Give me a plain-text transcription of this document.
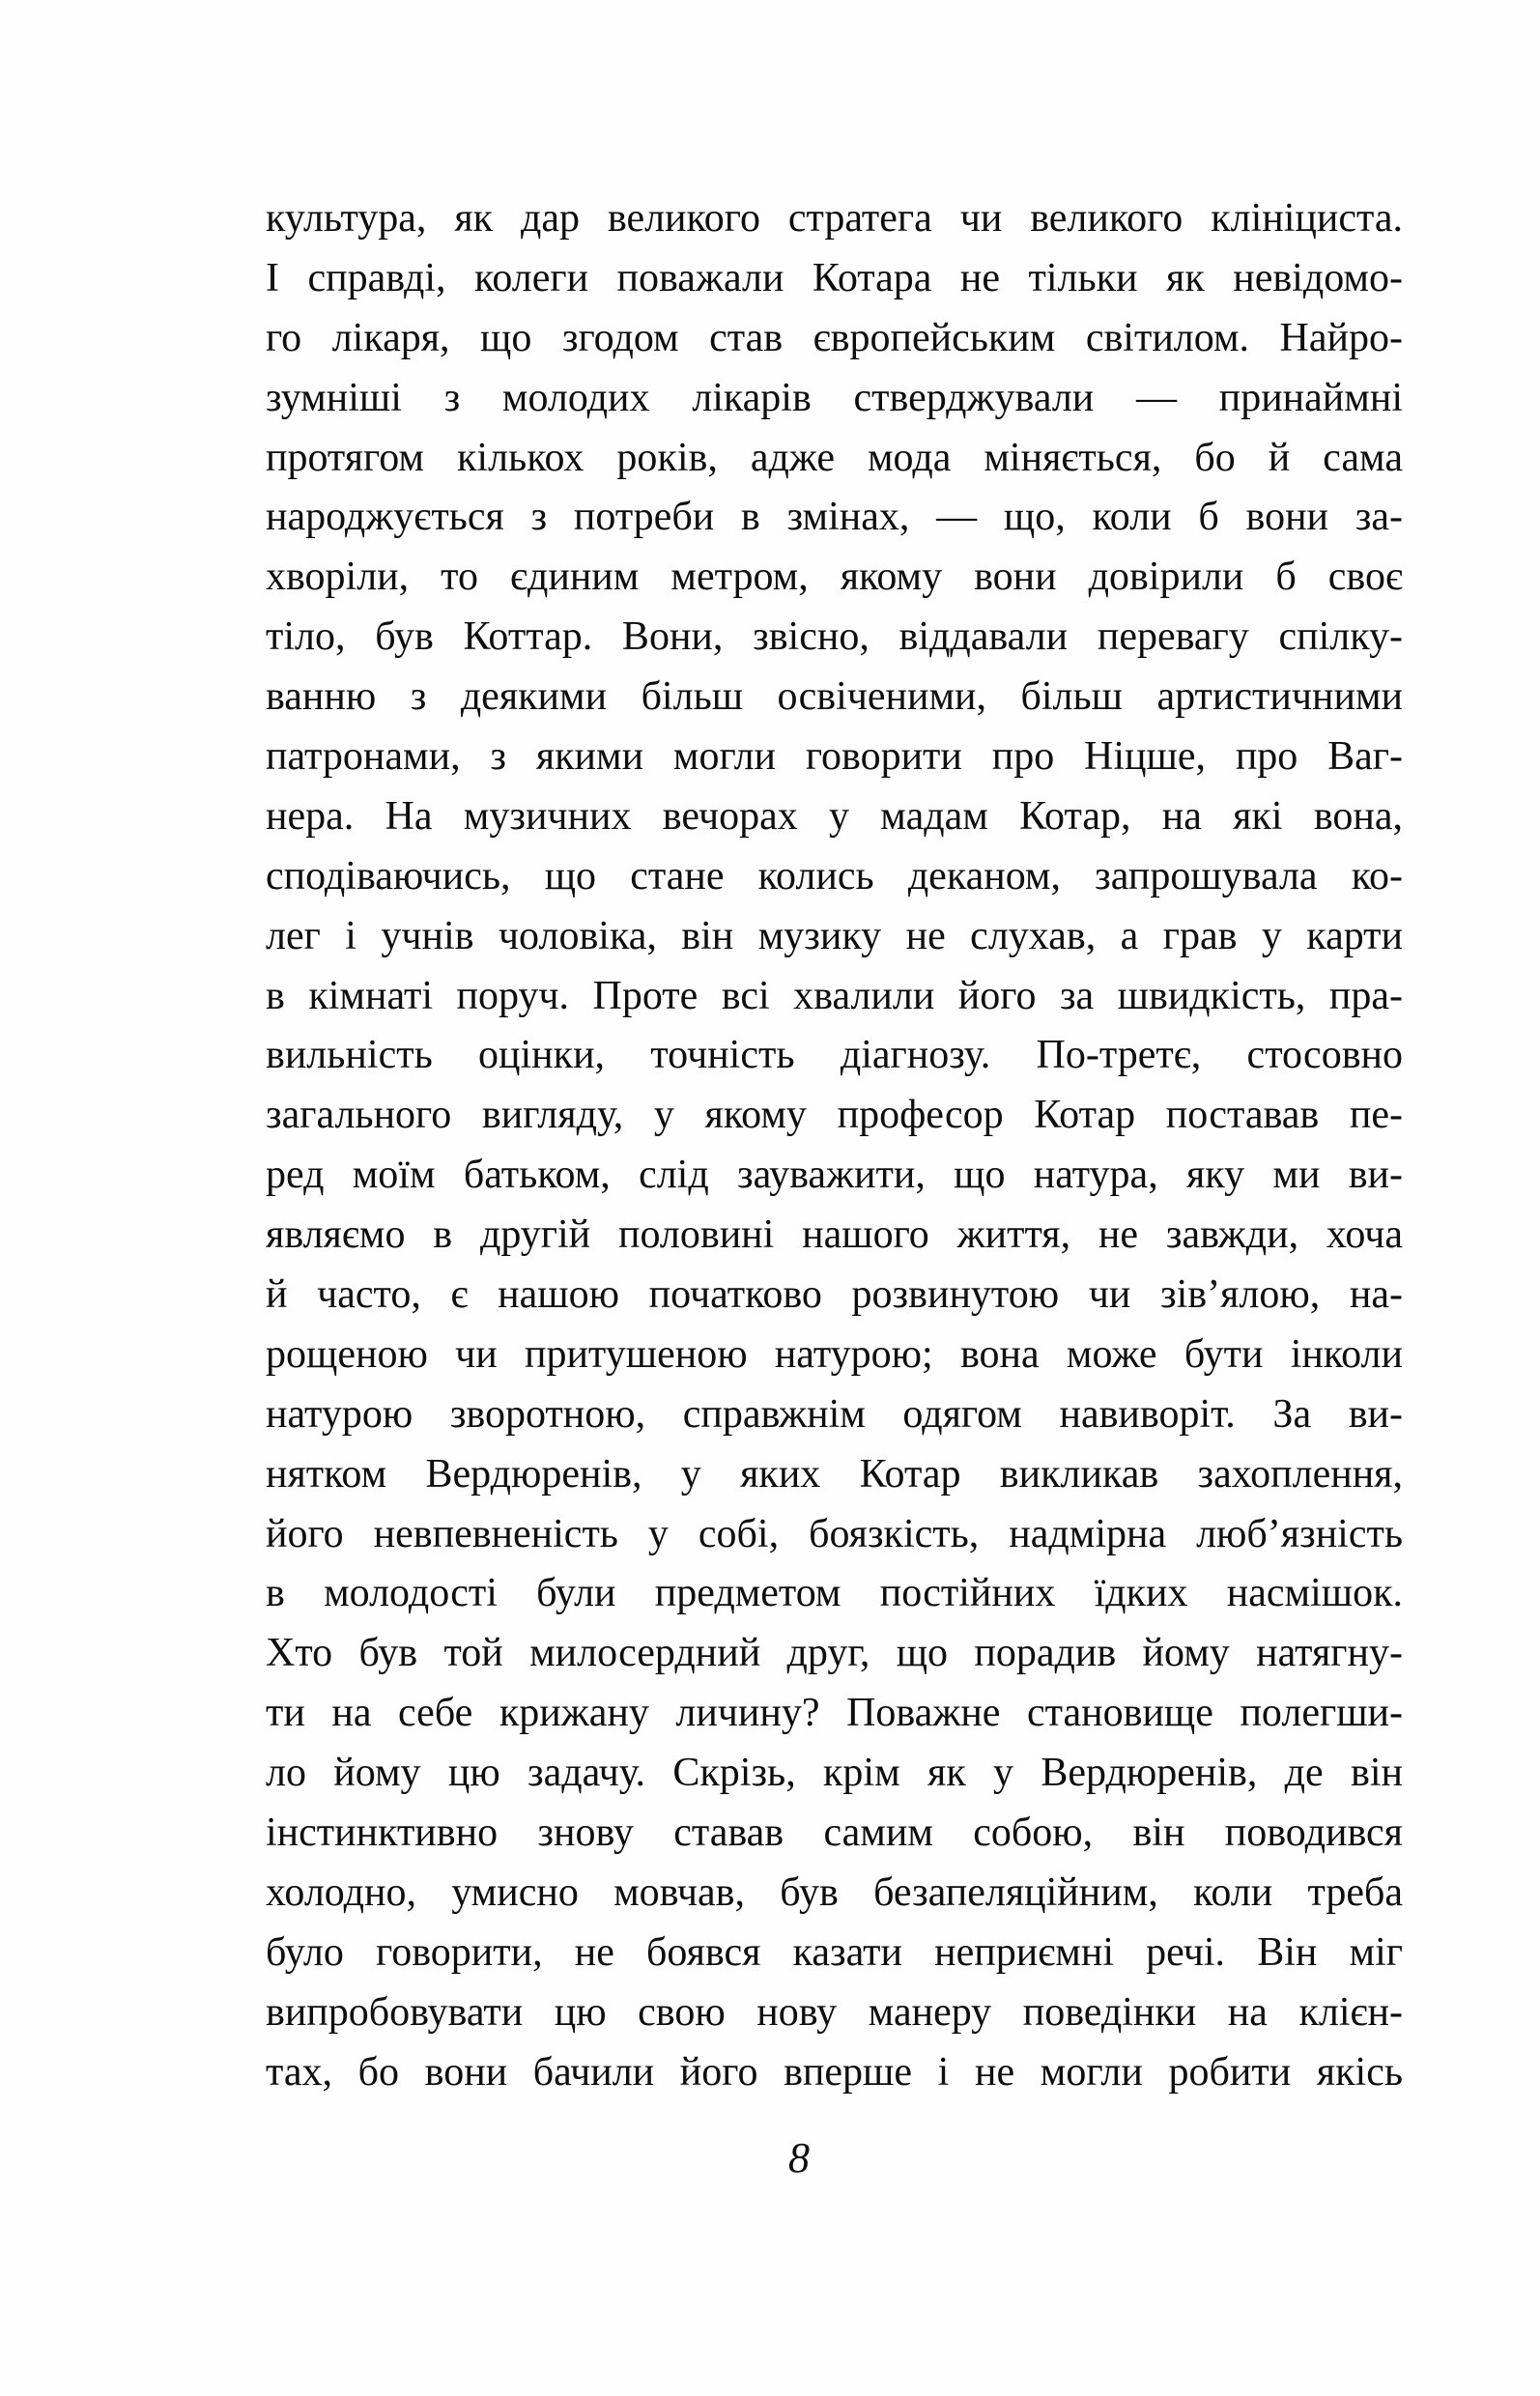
культура, як дар великого стратега чи великого клініциста.
І справді, колеги поважали Котара не тільки як невідомо-
го лікаря, що згодом став європейським світилом. Найро-
зумніші з молодих лікарів стверджували — принаймні
протягом кількох років, адже мода міняється, бо й сама
народжується з потреби в змінах, — що, коли б вони за-
хворіли, то єдиним метром, якому вони довірили б своє
тіло, був Коттар. Вони, звісно, віддавали перевагу спілку-
ванню з деякими більш освіченими, більш артистичними
патронами, з якими могли говорити про Ніцше, про Ваг-
нера. На музичних вечорах у мадам Котар, на які вона,
сподіваючись, що стане колись деканом, запрошувала ко-
лег і учнів чоловіка, він музику не слухав, а грав у карти
в кімнаті поруч. Проте всі хвалили його за швидкість, пра-
вильність оцінки, точність діагнозу. По-третє, стосовно
загального вигляду, у якому професор Котар поставав пе-
ред моїм батьком, слід зауважити, що натура, яку ми ви-
являємо в другій половині нашого життя, не завжди, хоча
й часто, є нашою початково розвинутою чи зів’ялою, на-
рощеною чи притушеною натурою; вона може бути інколи
натурою зворотною, справжнім одягом навиворіт. За ви-
нятком Вердюренів, у яких Котар викликав захоплення,
його невпевненість у собі, боязкість, надмірна люб’язність
в молодості були предметом постійних їдких насмішок.
Хто був той милосердний друг, що порадив йому натягну-
ти на себе крижану личину? Поважне становище полегши-
ло йому цю задачу. Скрізь, крім як у Вердюренів, де він
інстинктивно знову ставав самим собою, він поводився
холодно, умисно мовчав, був безапеляційним, коли треба
було говорити, не боявся казати неприємні речі. Він міг
випробовувати цю свою нову манеру поведінки на клієн-
тах, бо вони бачили його вперше і не могли робити якісь
8
